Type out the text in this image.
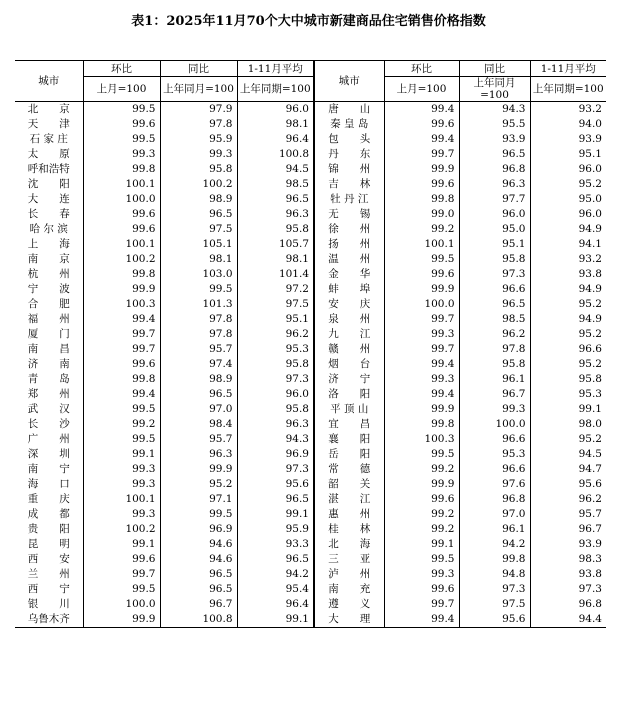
表1：2025年11月70个大中城市新建商品住宅销售价格指数
城市	环比	同比	1-11月平均	城市	环比	同比	1-11月平均
	上月=100	上年同月=100	上年同期=100		上月=100	上年同月=100	上年同期=100
北　　京	99.5	97.9	96.0	唐　　山	99.4	94.3	93.2
天　　津	99.6	97.8	98.1	秦 皇 岛	99.6	95.5	94.0
石 家 庄	99.5	95.9	96.4	包　　头	99.4	93.9	93.9
太　　原	99.3	99.3	100.8	丹　　东	99.7	96.5	95.1
呼和浩特	99.8	95.8	94.5	锦　　州	99.9	96.8	96.0
沈　　阳	100.1	100.2	98.5	吉　　林	99.6	96.3	95.2
大　　连	100.0	98.9	96.5	牡 丹 江	99.8	97.7	95.0
长　　春	99.6	96.5	96.3	无　　锡	99.0	96.0	96.0
哈 尔 滨	99.6	97.5	95.8	徐　　州	99.2	95.0	94.9
上　　海	100.1	105.1	105.7	扬　　州	100.1	95.1	94.1
南　　京	100.2	98.1	98.1	温　　州	99.5	95.8	93.2
杭　　州	99.8	103.0	101.4	金　　华	99.6	97.3	93.8
宁　　波	99.9	99.5	97.2	蚌　　埠	99.9	96.6	94.9
合　　肥	100.3	101.3	97.5	安　　庆	100.0	96.5	95.2
福　　州	99.4	97.8	95.1	泉　　州	99.7	98.5	94.9
厦　　门	99.7	97.8	96.2	九　　江	99.3	96.2	95.2
南　　昌	99.7	95.7	95.3	赣　　州	99.7	97.8	96.6
济　　南	99.6	97.4	95.8	烟　　台	99.4	95.8	95.2
青　　岛	99.8	98.9	97.3	济　　宁	99.3	96.1	95.8
郑　　州	99.4	96.5	96.0	洛　　阳	99.4	96.7	95.3
武　　汉	99.5	97.0	95.8	平 顶 山	99.9	99.3	99.1
长　　沙	99.2	98.4	96.3	宜　　昌	99.8	100.0	98.0
广　　州	99.5	95.7	94.3	襄　　阳	100.3	96.6	95.2
深　　圳	99.1	96.3	96.9	岳　　阳	99.5	95.3	94.5
南　　宁	99.3	99.9	97.3	常　　德	99.2	96.6	94.7
海　　口	99.3	95.2	95.6	韶　　关	99.9	97.6	95.6
重　　庆	100.1	97.1	96.5	湛　　江	99.6	96.8	96.2
成　　都	99.3	99.5	99.1	惠　　州	99.2	97.0	95.7
贵　　阳	100.2	96.9	95.9	桂　　林	99.2	96.1	96.7
昆　　明	99.1	94.6	93.3	北　　海	99.1	94.2	93.9
西　　安	99.6	94.6	96.5	三　　亚	99.5	99.8	98.3
兰　　州	99.7	96.5	94.2	泸　　州	99.3	94.8	93.8
西　　宁	99.5	96.5	95.4	南　　充	99.6	97.3	97.3
银　　川	100.0	96.7	96.4	遵　　义	99.7	97.5	96.8
乌鲁木齐	99.9	100.8	99.1	大　　理	99.4	95.6	94.4
